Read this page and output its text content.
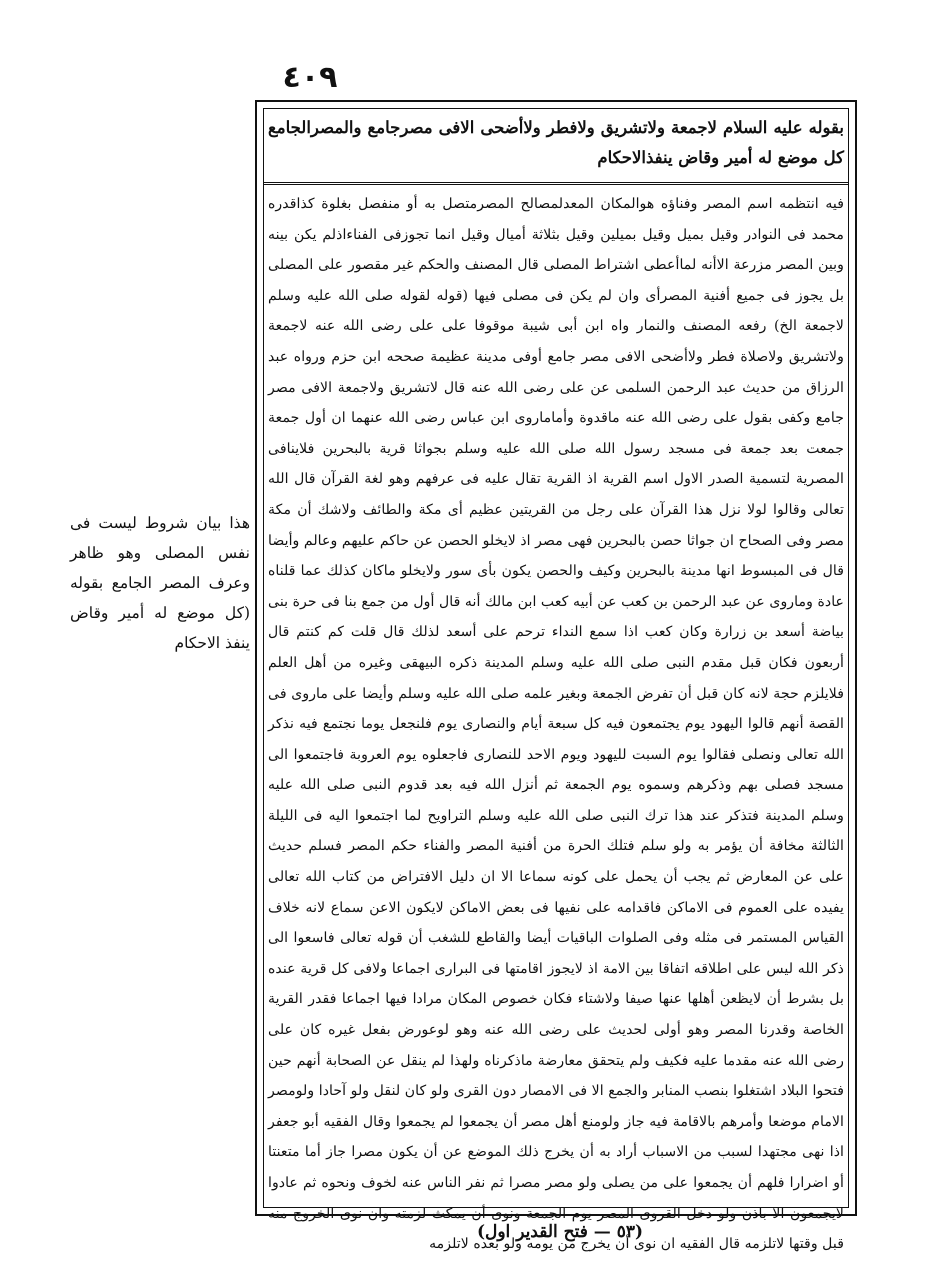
٤٠٩
بقوله عليه السلام لاجمعة ولاتشريق ولافطر ولاأضحى الافى مصرجامع والمصرالجامع كل موضع له أمير وقاض ينفذالاحكام
فيه انتظمه اسم المصر وفناؤه هوالمكان المعدلمصالح المصرمتصل به أو منفصل بغلوة كذاقدره محمد فى النوادر وقيل بميل وقيل بميلين وقيل بثلاثة أميال وقيل انما تجوزفى الفناءاذلم يكن بينه وبين المصر مزرعة الاأنه لماأعطى اشتراط المصلى قال المصنف والحكم غير مقصور على المصلى بل يجوز فى جميع أفنية المصرأى وان لم يكن فى مصلى فيها (قوله لقوله صلى الله عليه وسلم لاجمعة الخ) رفعه المصنف والنمار واه ابن أبى شيبة موقوفا على على رضى الله عنه لاجمعة ولاتشريق ولاصلاة فطر ولاأضحى الافى مصر جامع أوفى مدينة عظيمة صححه ابن حزم ورواه عبد الرزاق من حديث عبد الرحمن السلمى عن على رضى الله عنه قال لاتشريق ولاجمعة الافى مصر جامع وكفى بقول على رضى الله عنه ماقدوة وأماماروى ابن عباس رضى الله عنهما ان أول جمعة جمعت بعد جمعة فى مسجد رسول الله صلى الله عليه وسلم بجواثا قرية بالبحرين فلاينافى المصرية لتسمية الصدر الاول اسم القرية اذ القرية تقال عليه فى عرفهم وهو لغة القرآن قال الله تعالى وقالوا لولا نزل هذا القرآن على رجل من القريتين عظيم أى مكة والطائف ولاشك أن مكة مصر وفى الصحاح ان جواثا حصن بالبحرين فهى مصر اذ لايخلو الحصن عن حاكم عليهم وعالم وأيضا قال فى المبسوط انها مدينة بالبحرين وكيف والحصن يكون بأى سور ولايخلو ماكان كذلك عما قلناه عادة وماروى عن عبد الرحمن بن كعب عن أبيه كعب ابن مالك أنه قال أول من جمع بنا فى حرة بنى بياضة أسعد بن زرارة وكان كعب اذا سمع النداء ترحم على أسعد لذلك قال قلت كم كنتم قال أربعون فكان قبل مقدم النبى صلى الله عليه وسلم المدينة ذكره البيهقى وغيره من أهل العلم فلايلزم حجة لانه كان قبل أن تفرض الجمعة وبغير علمه صلى الله عليه وسلم وأيضا على ماروى فى القصة أنهم قالوا اليهود يوم يجتمعون فيه كل سبعة أيام والنصارى يوم فلنجعل يوما نجتمع فيه نذكر الله تعالى ونصلى فقالوا يوم السبت لليهود ويوم الاحد للنصارى فاجعلوه يوم العروبة فاجتمعوا الى مسجد فصلى بهم وذكرهم وسموه يوم الجمعة ثم أنزل الله فيه بعد قدوم النبى صلى الله عليه وسلم المدينة فتذكر عند هذا ترك النبى صلى الله عليه وسلم التراويح لما اجتمعوا اليه فى الليلة الثالثة مخافة أن يؤمر به ولو سلم فتلك الحرة من أفنية المصر والفناء حكم المصر فسلم حديث على عن المعارض ثم يجب أن يحمل على كونه سماعا الا ان دليل الافتراض من كتاب الله تعالى يفيده على العموم فى الاماكن فاقدامه على نفيها فى بعض الاماكن لايكون الاعن سماع لانه خلاف القياس المستمر فى مثله وفى الصلوات الباقيات أيضا والقاطع للشغب أن قوله تعالى فاسعوا الى ذكر الله ليس على اطلاقه اتفاقا بين الامة اذ لايجوز اقامتها فى البرارى اجماعا ولافى كل قرية عنده بل بشرط أن لايظعن أهلها عنها صيفا ولاشتاء فكان خصوص المكان مرادا فيها اجماعا فقدر القرية الخاصة وقدرنا المصر وهو أولى لحديث على رضى الله عنه وهو لوعورض بفعل غيره كان على رضى الله عنه مقدما عليه فكيف ولم يتحقق معارضة ماذكرناه ولهذا لم ينقل عن الصحابة أنهم حين فتحوا البلاد اشتغلوا بنصب المنابر والجمع الا فى الامصار دون القرى ولو كان لنقل ولو آحادا ولومصر الامام موضعا وأمرهم بالاقامة فيه جاز ولومنع أهل مصر أن يجمعوا لم يجمعوا وقال الفقيه أبو جعفر اذا نهى مجتهدا لسبب من الاسباب أراد به أن يخرج ذلك الموضع عن أن يكون مصرا جاز أما متعنتا أو اضرارا فلهم أن يجمعوا على من يصلى ولو مصر مصرا ثم نفر الناس عنه لخوف ونحوه ثم عادوا لايجمعون الا باذن ولو دخل القروى المصر يوم الجمعة ونوى أن يمكث لزمته وان نوى الخروج منه قبل وقتها لاتلزمه قال الفقيه ان نوى أن يخرج من يومه ولو بعده لاتلزمه
هذا بيان شروط ليست فى نفس المصلى وهو ظاهر وعرف المصر الجامع بقوله (كل موضع له أمير وقاض ينفذ الاحكام
(٥٣ — فتح القدير اول)
